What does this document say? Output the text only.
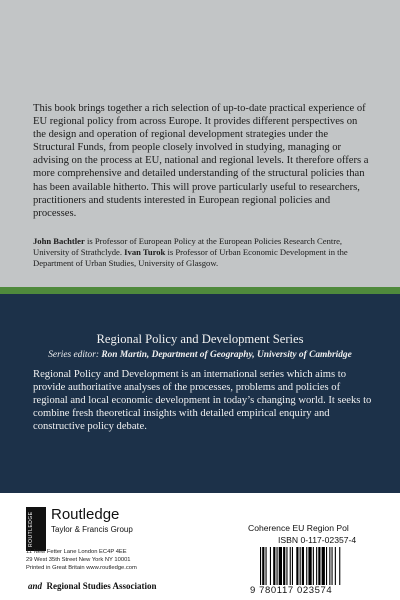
This book brings together a rich selection of up-to-date practical experience of EU regional policy from across Europe. It provides different perspectives on the design and operation of regional development strategies under the Structural Funds, from people closely involved in studying, managing or advising on the process at EU, national and regional levels. It therefore offers a more comprehensive and detailed understanding of the structural policies than has been available hitherto. This will prove particularly useful to researchers, practitioners and students interested in European regional policies and processes.

John Bachtler is Professor of European Policy at the European Policies Research Centre, University of Strathclyde. Ivan Turok is Professor of Urban Economic Development in the Department of Urban Studies, University of Glasgow.

Regional Policy and Development Series

Series editor: Ron Martin, Department of Geography, University of Cambridge

Regional Policy and Development is an international series which aims to provide authoritative analyses of the processes, problems and policies of regional and local economic development in today’s changing world. It seeks to combine fresh theoretical insights with detailed empirical enquiry and constructive policy debate.

ROUTLEDGE	Routledge
Taylor & Francis Group
11 New Fetter Lane London EC4P 4EE
29 West 35th Street New York NY 10001
Printed in Great Britain www.routledge.com
and Regional Studies Association
Coherence EU Region Pol
ISBN 0-117-02357-4
9 780117 023574
